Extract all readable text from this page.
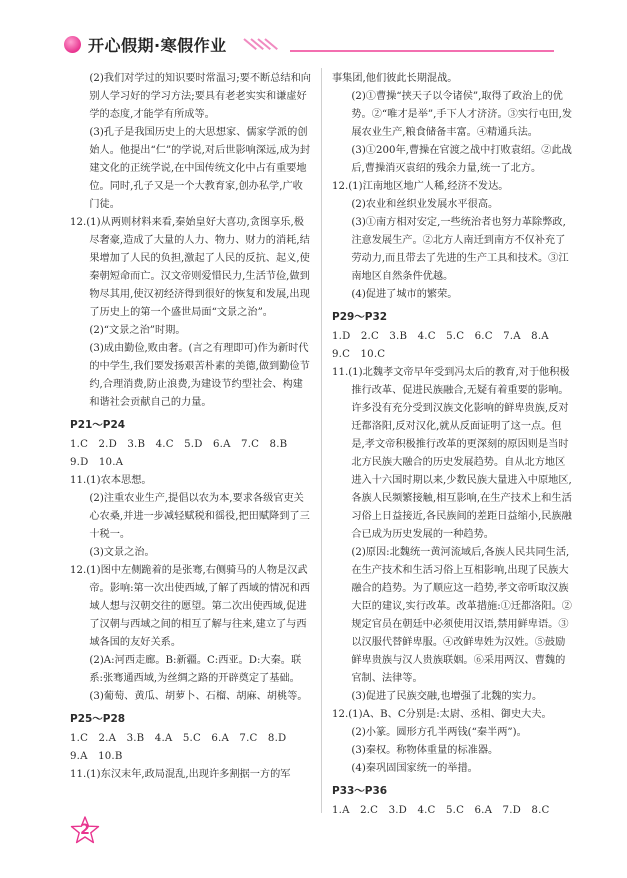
开心假期·寒假作业

(2)我们对学过的知识要时常温习;要不断总结和向别人学习好的学习方法;要具有老老实实和谦虚好学的态度,才能学有所成等。

(3)孔子是我国历史上的大思想家、儒家学派的创始人。他提出“仁”的学说,对后世影响深远,成为封建文化的正统学说,在中国传统文化中占有重要地位。同时,孔子又是一个大教育家,创办私学,广收门徒。

12.(1)从两则材料来看,秦始皇好大喜功,贪图享乐,极尽奢豪,造成了大量的人力、物力、财力的消耗,结果增加了人民的负担,激起了人民的反抗、起义,使秦朝短命而亡。汉文帝则爱惜民力,生活节俭,做到物尽其用,使汉初经济得到很好的恢复和发展,出现了历史上的第一个盛世局面“文景之治”。

(2)“文景之治”时期。

(3)成由勤俭,败由奢。(言之有理即可)作为新时代的中学生,我们要发扬艰苦朴素的美德,做到勤俭节约,合理消费,防止浪费,为建设节约型社会、构建和谐社会贡献自己的力量。

P21～P24

1.C　2.D　3.B　4.C　5.D　6.A　7.C　8.B　9.D　10.A

11.(1)农本思想。

(2)注重农业生产,提倡以农为本,要求各级官吏关心农桑,并进一步减轻赋税和徭役,把田赋降到了三十税一。

(3)文景之治。

12.(1)图中左侧跪着的是张骞,右侧骑马的人物是汉武帝。影响:第一次出使西域,了解了西域的情况和西域人想与汉朝交往的愿望。第二次出使西域,促进了汉朝与西域之间的相互了解与往来,建立了与西域各国的友好关系。

(2)A:河西走廊。B:新疆。C:西亚。D:大秦。联系:张骞通西域,为丝绸之路的开辟奠定了基础。

(3)葡萄、黄瓜、胡萝卜、石榴、胡麻、胡桃等。

P25～P28

1.C　2.A　3.B　4.A　5.C　6.A　7.C　8.D　9.A　10.B

11.(1)东汉末年,政局混乱,出现许多割据一方的军

事集团,他们彼此长期混战。

(2)①曹操“挟天子以令诸侯”,取得了政治上的优势。②“唯才是举”,手下人才济济。③实行屯田,发展农业生产,粮食储备丰富。④精通兵法。

(3)①200年,曹操在官渡之战中打败袁绍。②此战后,曹操消灭袁绍的残余力量,统一了北方。

12.(1)江南地区地广人稀,经济不发达。

(2)农业和丝织业发展水平很高。

(3)①南方相对安定,一些统治者也努力革除弊政,注意发展生产。②北方人南迁到南方不仅补充了劳动力,而且带去了先进的生产工具和技术。③江南地区自然条件优越。

(4)促进了城市的繁荣。

P29～P32

1.D　2.C　3.B　4.C　5.C　6.C　7.A　8.A　9.C　10.C

11.(1)北魏孝文帝早年受到冯太后的教育,对于他积极推行改革、促进民族融合,无疑有着重要的影响。许多没有充分受到汉族文化影响的鲜卑贵族,反对迁都洛阳,反对汉化,就从反面证明了这一点。但是,孝文帝积极推行改革的更深刻的原因则是当时北方民族大融合的历史发展趋势。自从北方地区进入十六国时期以来,少数民族大量进入中原地区,各族人民频繁接触,相互影响,在生产技术上和生活习俗上日益接近,各民族间的差距日益缩小,民族融合已成为历史发展的一种趋势。

(2)原因:北魏统一黄河流域后,各族人民共同生活,在生产技术和生活习俗上互相影响,出现了民族大融合的趋势。为了顺应这一趋势,孝文帝听取汉族大臣的建议,实行改革。改革措施:①迁都洛阳。②规定官员在朝廷中必须使用汉语,禁用鲜卑语。③以汉服代替鲜卑服。④改鲜卑姓为汉姓。⑤鼓励鲜卑贵族与汉人贵族联姻。⑥采用两汉、曹魏的官制、法律等。

(3)促进了民族交融,也增强了北魏的实力。

12.(1)A、B、C分别是:太尉、丞相、御史大夫。

(2)小篆。圆形方孔半两钱(“秦半两”)。

(3)秦权。称物体重量的标准器。

(4)秦巩固国家统一的举措。

P33～P36

1.A　2.C　3.D　4.C　5.C　6.A　7.D　8.C

2
